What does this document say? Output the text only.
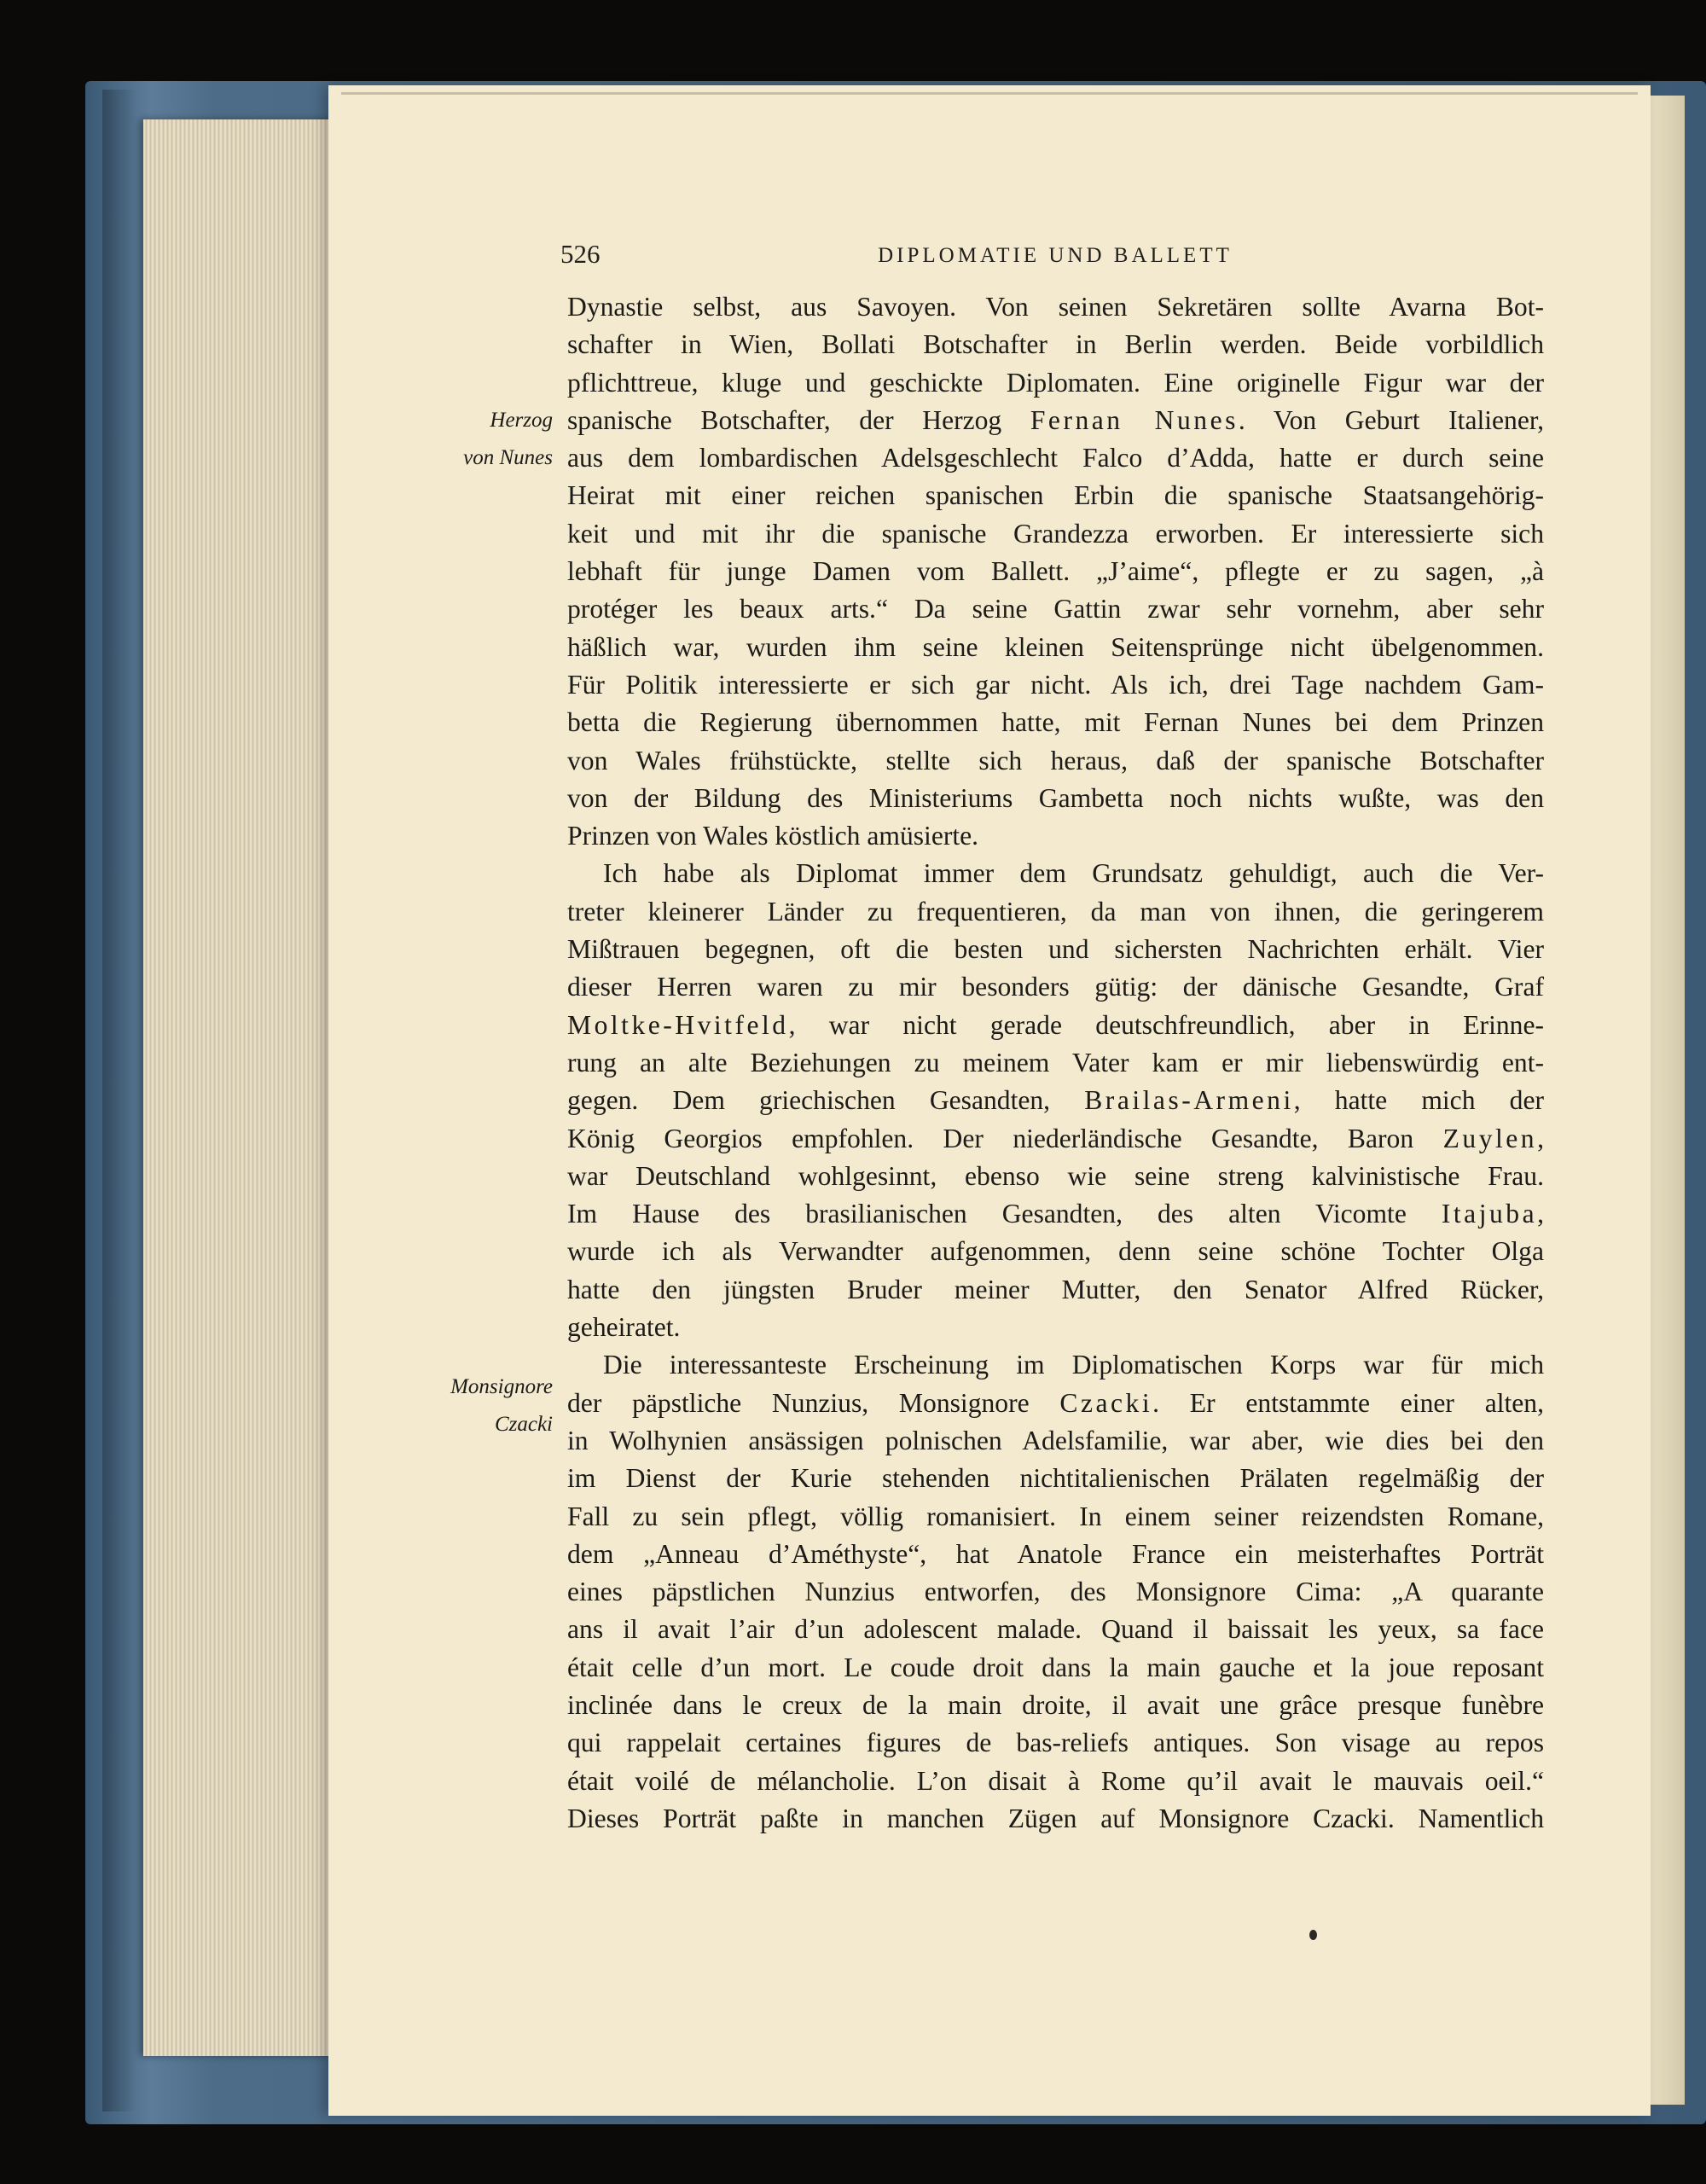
526	DIPLOMATIE UND BALLETT
Herzog
von Nunes
Monsignore
Czacki
Dynastie selbst, aus Savoyen. Von seinen Sekretären sollte Avarna Bot-
schafter in Wien, Bollati Botschafter in Berlin werden. Beide vorbildlich
pflichttreue, kluge und geschickte Diplomaten. Eine originelle Figur war der
spanische Botschafter, der Herzog Fernan Nunes. Von Geburt Italiener,
aus dem lombardischen Adelsgeschlecht Falco d’Adda, hatte er durch seine
Heirat mit einer reichen spanischen Erbin die spanische Staatsangehörig-
keit und mit ihr die spanische Grandezza erworben. Er interessierte sich
lebhaft für junge Damen vom Ballett. „J’aime“, pflegte er zu sagen, „à
protéger les beaux arts.“ Da seine Gattin zwar sehr vornehm, aber sehr
häßlich war, wurden ihm seine kleinen Seitensprünge nicht übelgenommen.
Für Politik interessierte er sich gar nicht. Als ich, drei Tage nachdem Gam-
betta die Regierung übernommen hatte, mit Fernan Nunes bei dem Prinzen
von Wales frühstückte, stellte sich heraus, daß der spanische Botschafter
von der Bildung des Ministeriums Gambetta noch nichts wußte, was den
Prinzen von Wales köstlich amüsierte.
Ich habe als Diplomat immer dem Grundsatz gehuldigt, auch die Ver-
treter kleinerer Länder zu frequentieren, da man von ihnen, die geringerem
Mißtrauen begegnen, oft die besten und sichersten Nachrichten erhält. Vier
dieser Herren waren zu mir besonders gütig: der dänische Gesandte, Graf
Moltke-Hvitfeld, war nicht gerade deutschfreundlich, aber in Erinne-
rung an alte Beziehungen zu meinem Vater kam er mir liebenswürdig ent-
gegen. Dem griechischen Gesandten, Brailas-Armeni, hatte mich der
König Georgios empfohlen. Der niederländische Gesandte, Baron Zuylen,
war Deutschland wohlgesinnt, ebenso wie seine streng kalvinistische Frau.
Im Hause des brasilianischen Gesandten, des alten Vicomte Itajuba,
wurde ich als Verwandter aufgenommen, denn seine schöne Tochter Olga
hatte den jüngsten Bruder meiner Mutter, den Senator Alfred Rücker,
geheiratet.
Die interessanteste Erscheinung im Diplomatischen Korps war für mich
der päpstliche Nunzius, Monsignore Czacki. Er entstammte einer alten,
in Wolhynien ansässigen polnischen Adelsfamilie, war aber, wie dies bei den
im Dienst der Kurie stehenden nichtitalienischen Prälaten regelmäßig der
Fall zu sein pflegt, völlig romanisiert. In einem seiner reizendsten Romane,
dem „Anneau d’Améthyste“, hat Anatole France ein meisterhaftes Porträt
eines päpstlichen Nunzius entworfen, des Monsignore Cima: „A quarante
ans il avait l’air d’un adolescent malade. Quand il baissait les yeux, sa face
était celle d’un mort. Le coude droit dans la main gauche et la joue reposant
inclinée dans le creux de la main droite, il avait une grâce presque funèbre
qui rappelait certaines figures de bas-reliefs antiques. Son visage au repos
était voilé de mélancholie. L’on disait à Rome qu’il avait le mauvais oeil.“
Dieses Porträt paßte in manchen Zügen auf Monsignore Czacki. Namentlich
